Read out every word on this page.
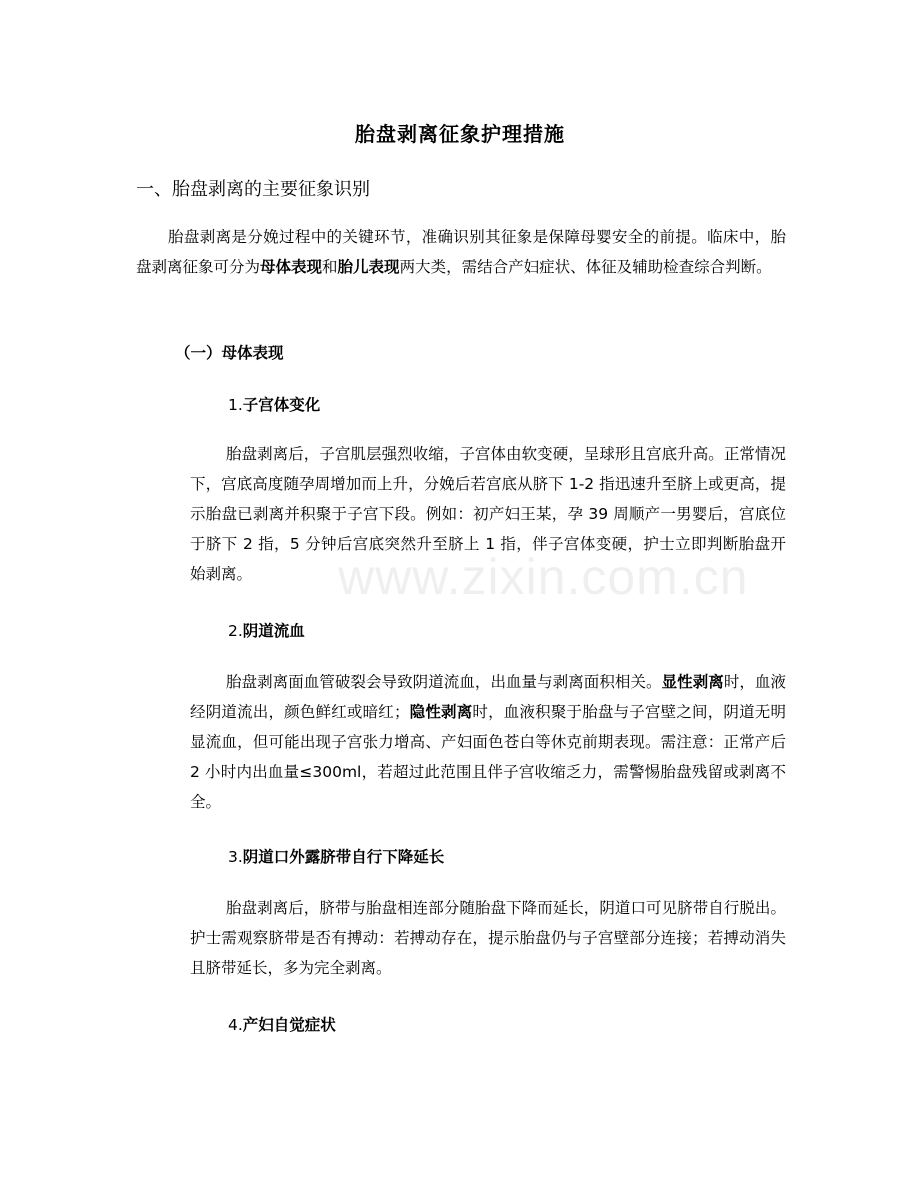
胎盘剥离征象护理措施
一、胎盘剥离的主要征象识别
胎盘剥离是分娩过程中的关键环节，准确识别其征象是保障母婴安全的前提。临床中，胎盘剥离征象可分为母体表现和胎儿表现两大类，需结合产妇症状、体征及辅助检查综合判断。
（一）母体表现
1.子宫体变化
胎盘剥离后，子宫肌层强烈收缩，子宫体由软变硬，呈球形且宫底升高。正常情况下，宫底高度随孕周增加而上升，分娩后若宫底从脐下 1-2 指迅速升至脐上或更高，提示胎盘已剥离并积聚于子宫下段。例如：初产妇王某，孕 39 周顺产一男婴后，宫底位于脐下 2 指，5 分钟后宫底突然升至脐上 1 指，伴子宫体变硬，护士立即判断胎盘开始剥离。
2.阴道流血
胎盘剥离面血管破裂会导致阴道流血，出血量与剥离面积相关。显性剥离时，血液经阴道流出，颜色鲜红或暗红；隐性剥离时，血液积聚于胎盘与子宫壁之间，阴道无明显流血，但可能出现子宫张力增高、产妇面色苍白等休克前期表现。需注意：正常产后 2 小时内出血量≤300ml，若超过此范围且伴子宫收缩乏力，需警惕胎盘残留或剥离不全。
3.阴道口外露脐带自行下降延长
胎盘剥离后，脐带与胎盘相连部分随胎盘下降而延长，阴道口可见脐带自行脱出。护士需观察脐带是否有搏动：若搏动存在，提示胎盘仍与子宫壁部分连接；若搏动消失且脐带延长，多为完全剥离。
4.产妇自觉症状
www.zixin.com.cn
